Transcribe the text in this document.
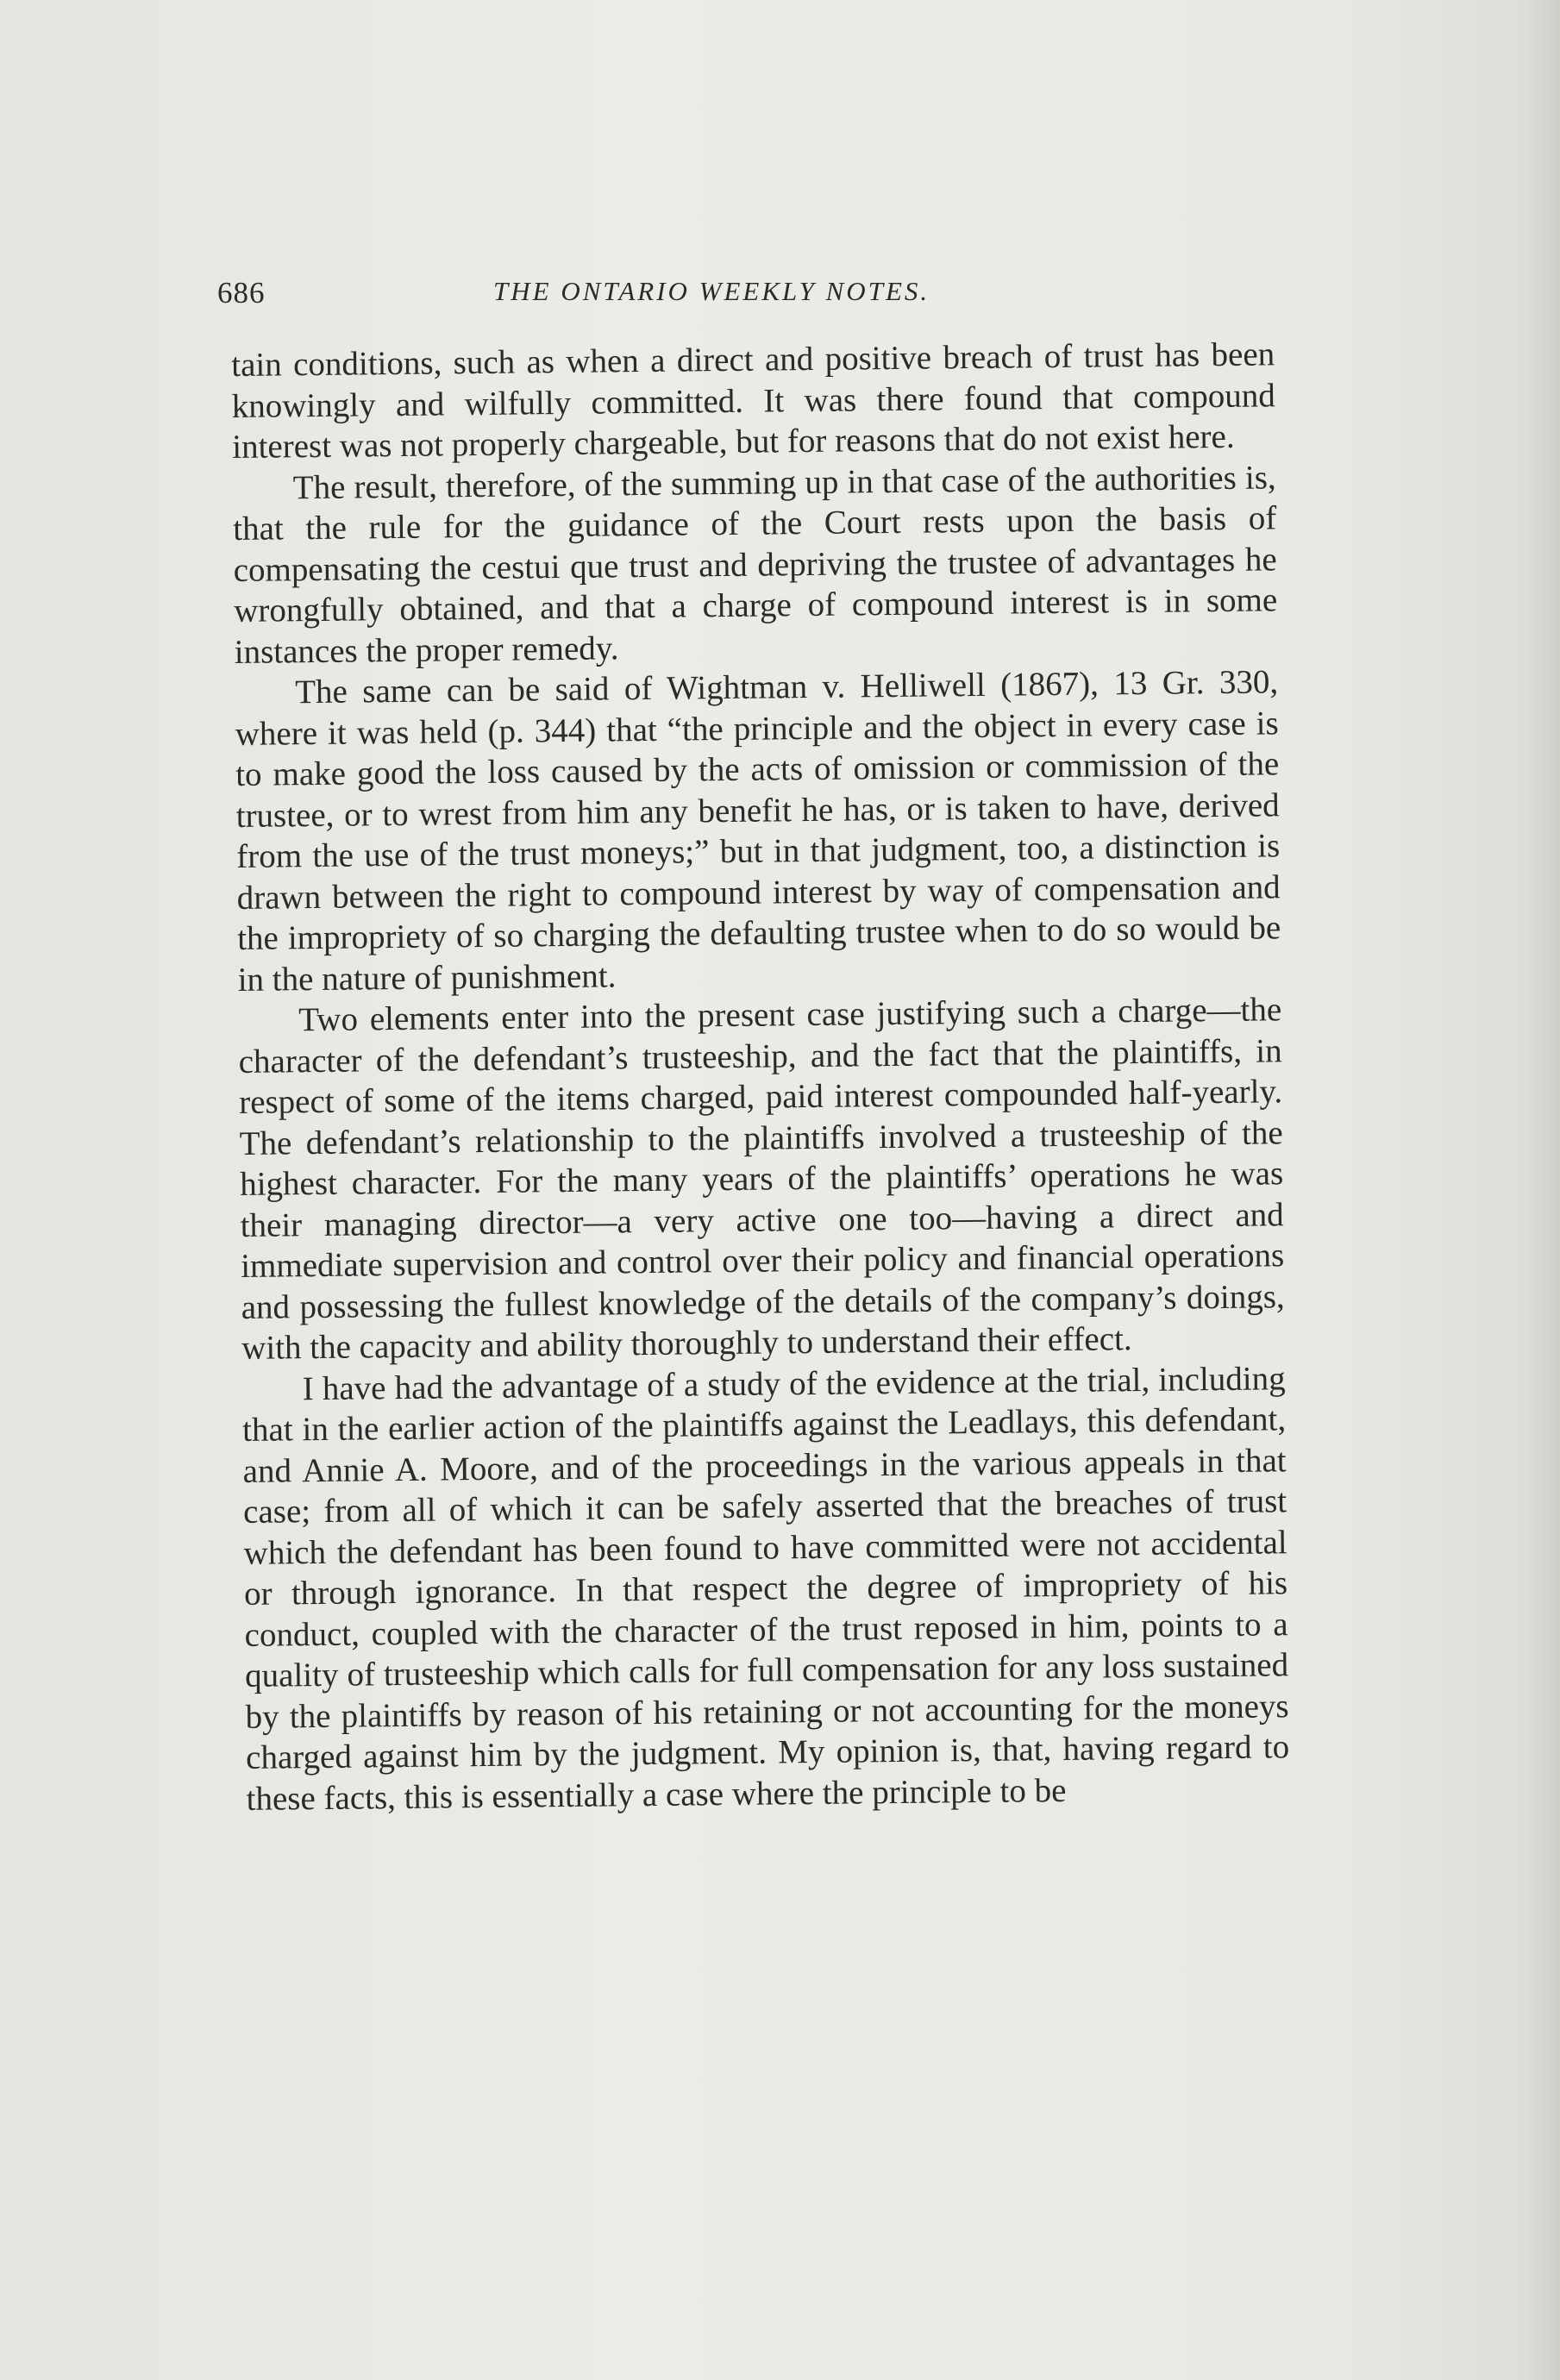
686	THE ONTARIO WEEKLY NOTES.

tain conditions, such as when a direct and positive breach of trust has been knowingly and wilfully committed. It was there found that compound interest was not properly chargeable, but for reasons that do not exist here.

The result, therefore, of the summing up in that case of the authorities is, that the rule for the guidance of the Court rests upon the basis of compensating the cestui que trust and depriving the trustee of advantages he wrongfully obtained, and that a charge of compound interest is in some instances the proper remedy.

The same can be said of Wightman v. Helliwell (1867), 13 Gr. 330, where it was held (p. 344) that “the principle and the object in every case is to make good the loss caused by the acts of omission or commission of the trustee, or to wrest from him any benefit he has, or is taken to have, derived from the use of the trust moneys;” but in that judgment, too, a distinction is drawn between the right to compound interest by way of compensation and the impropriety of so charging the defaulting trustee when to do so would be in the nature of punishment.

Two elements enter into the present case justifying such a charge—the character of the defendant’s trusteeship, and the fact that the plaintiffs, in respect of some of the items charged, paid interest compounded half-yearly. The defendant’s relationship to the plaintiffs involved a trusteeship of the highest character. For the many years of the plaintiffs’ operations he was their managing director—a very active one too—having a direct and immediate supervision and control over their policy and financial operations and possessing the fullest knowledge of the details of the company’s doings, with the capacity and ability thoroughly to understand their effect.

I have had the advantage of a study of the evidence at the trial, including that in the earlier action of the plaintiffs against the Leadlays, this defendant, and Annie A. Moore, and of the proceedings in the various appeals in that case; from all of which it can be safely asserted that the breaches of trust which the defendant has been found to have committed were not accidental or through ignorance. In that respect the degree of impropriety of his conduct, coupled with the character of the trust reposed in him, points to a quality of trusteeship which calls for full compensation for any loss sustained by the plaintiffs by reason of his retaining or not accounting for the moneys charged against him by the judgment. My opinion is, that, having regard to these facts, this is essentially a case where the principle to be
